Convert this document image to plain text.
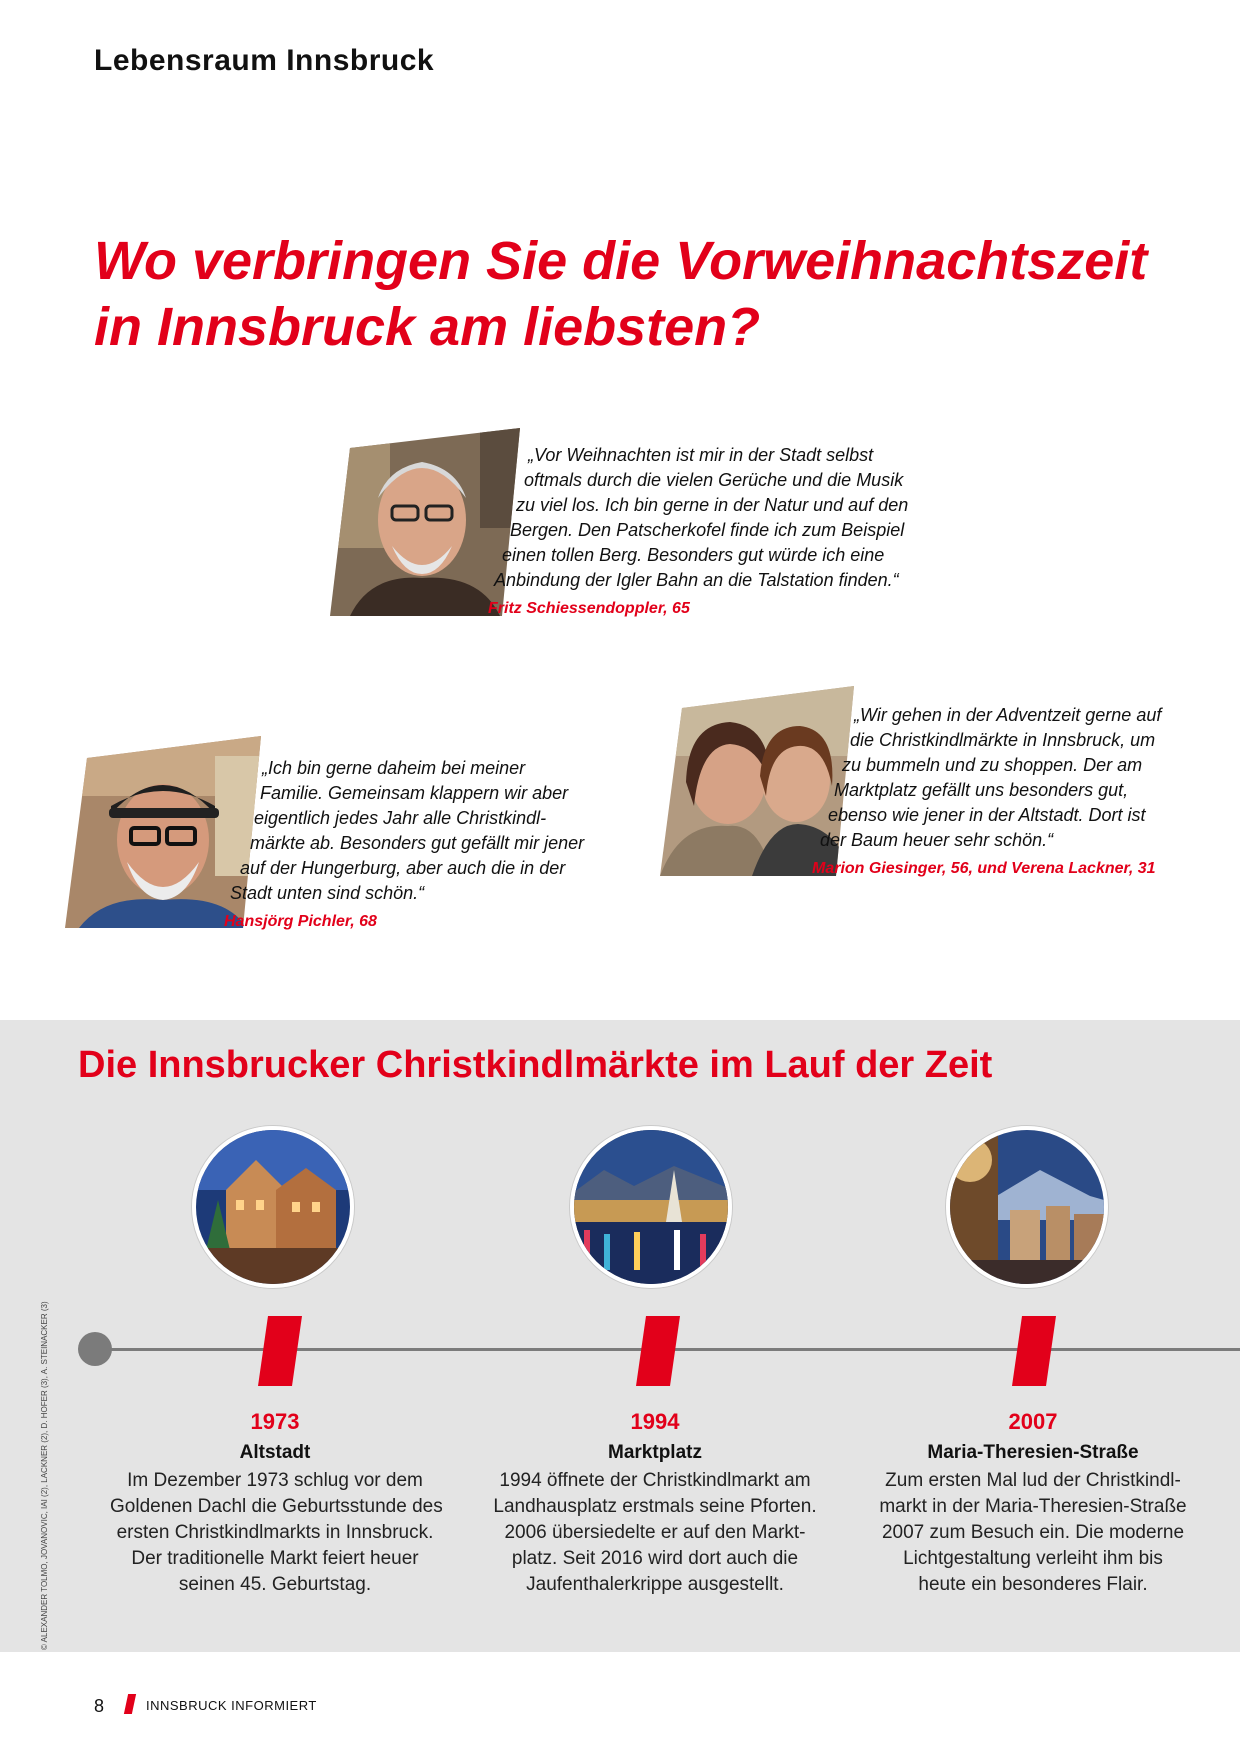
Lebensraum Innsbruck
Wo verbringen Sie die Vorweihnachtszeit
in Innsbruck am liebsten?
„Vor Weihnachten ist mir in der Stadt selbst
oftmals durch die vielen Gerüche und die Musik
zu viel los. Ich bin gerne in der Natur und auf den
Bergen. Den Patscherkofel finde ich zum Beispiel
einen tollen Berg. Besonders gut würde ich eine
Anbindung der Igler Bahn an die Talstation finden.“
Fritz Schiessendoppler, 65
„Ich bin gerne daheim bei meiner
Familie. Gemeinsam klappern wir aber
eigentlich jedes Jahr alle Christkindl-
märkte ab. Besonders gut gefällt mir jener
auf der Hungerburg, aber auch die in der
Stadt unten sind schön.“
Hansjörg Pichler, 68
„Wir gehen in der Adventzeit gerne auf
die Christkindlmärkte in Innsbruck, um
zu bummeln und zu shoppen. Der am
Marktplatz gefällt uns besonders gut,
ebenso wie jener in der Altstadt. Dort ist
der Baum heuer sehr schön.“
Marion Giesinger, 56, und Verena Lackner, 31
Die Innsbrucker Christkindlmärkte im Lauf der Zeit
1973
Altstadt
Im Dezember 1973 schlug vor dem
Goldenen Dachl die Geburtsstunde des
ersten Christkindlmarkts in Innsbruck.
Der traditionelle Markt feiert heuer
seinen 45. Geburtstag.
1994
Marktplatz
1994 öffnete der Christkindlmarkt am
Landhausplatz erstmals seine Pforten.
2006 übersiedelte er auf den Markt-
platz. Seit 2016 wird dort auch die
Jaufenthalerkrippe ausgestellt.
2007
Maria-Theresien-Straße
Zum ersten Mal lud der Christkindl-
markt in der Maria-Theresien-Straße
2007 zum Besuch ein. Die moderne
Lichtgestaltung verleiht ihm bis
heute ein besonderes Flair.
© ALEXANDER TOLMO, JOVANOVIC, IAI (2), LACKNER (2), D. HOFER (3), A. STEINACKER (3)
8	INNSBRUCK INFORMIERT
